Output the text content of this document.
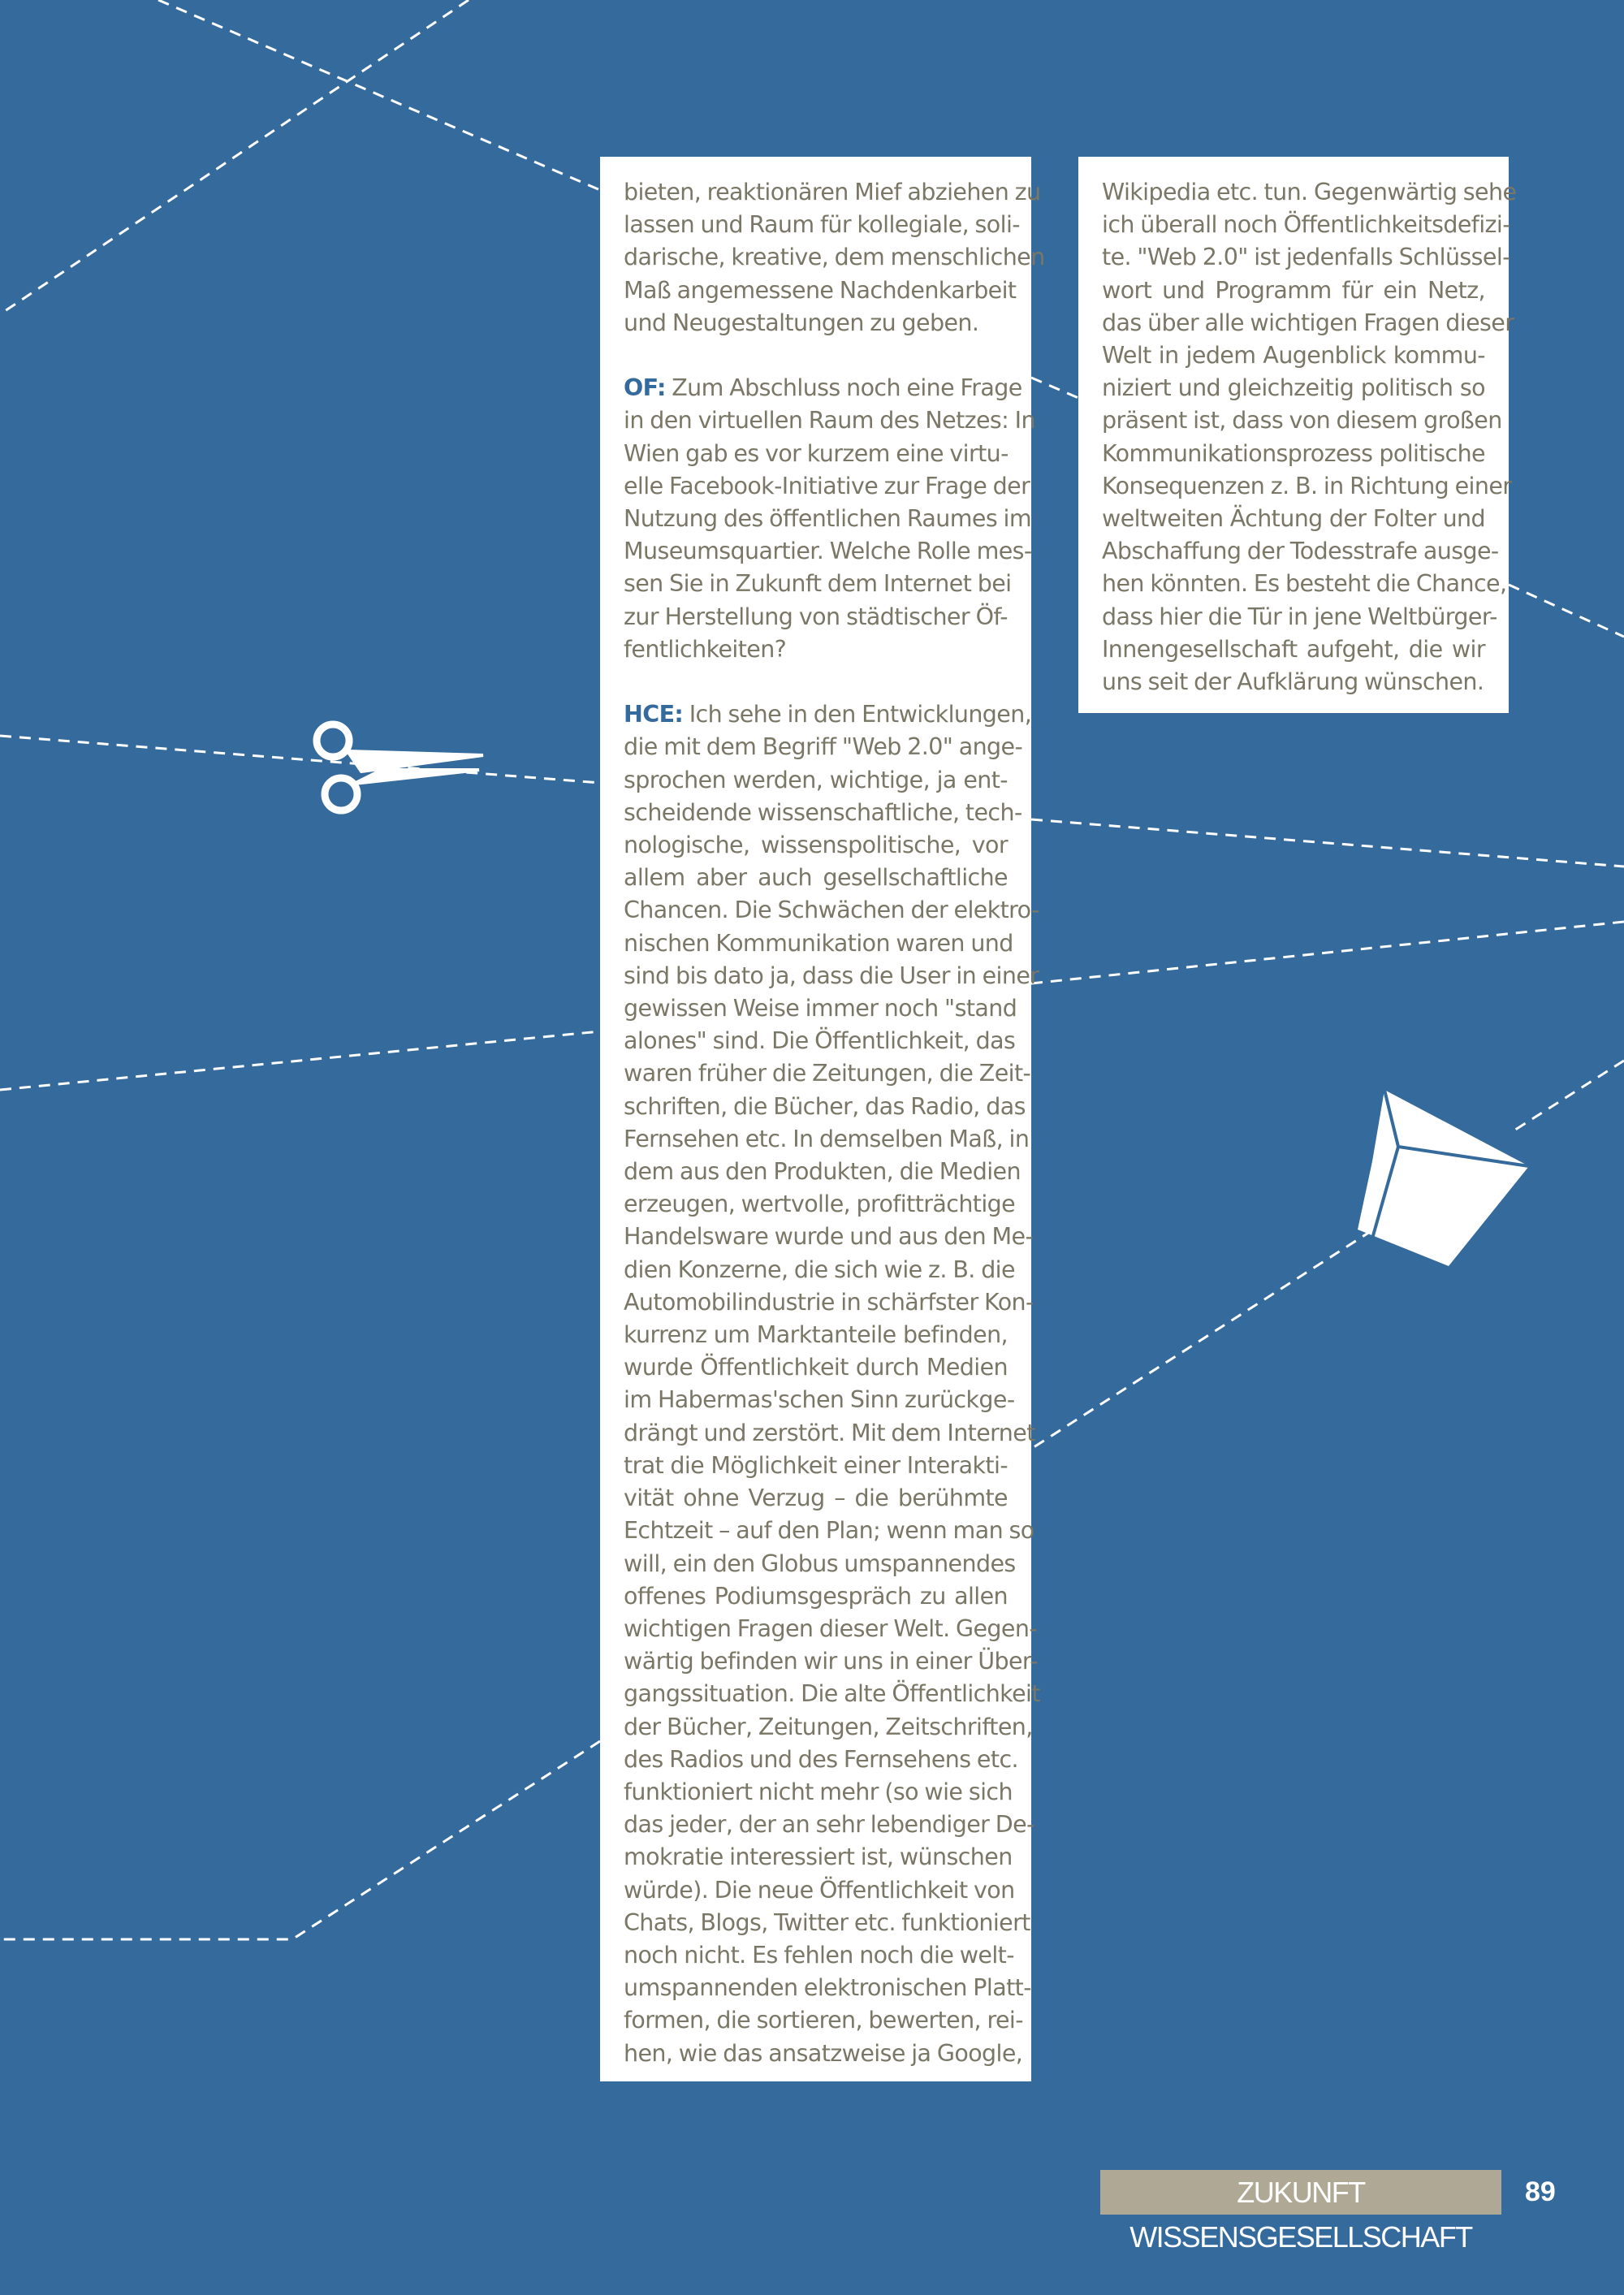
bieten, reaktionären Mief abziehen zu
lassen und Raum für kollegiale, soli-
darische, kreative, dem menschlichen
Maß angemessene Nachdenkarbeit
und Neugestaltungen zu geben.
OF: Zum Abschluss noch eine Frage
in den virtuellen Raum des Netzes: In
Wien gab es vor kurzem eine virtu-
elle Facebook-Initiative zur Frage der
Nutzung des öffentlichen Raumes im
Museumsquartier. Welche Rolle mes-
sen Sie in Zukunft dem Internet bei
zur Herstellung von städtischer Öf-
fentlichkeiten?
HCE: Ich sehe in den Entwicklungen,
die mit dem Begriff "Web 2.0" ange-
sprochen werden, wichtige, ja ent-
scheidende wissenschaftliche, tech-
nologische, wissenspolitische, vor
allem aber auch gesellschaftliche
Chancen. Die Schwächen der elektro-
nischen Kommunikation waren und
sind bis dato ja, dass die User in einer
gewissen Weise immer noch "stand
alones" sind. Die Öffentlichkeit, das
waren früher die Zeitungen, die Zeit-
schriften, die Bücher, das Radio, das
Fernsehen etc. In demselben Maß, in
dem aus den Produkten, die Medien
erzeugen, wertvolle, profitträchtige
Handelsware wurde und aus den Me-
dien Konzerne, die sich wie z. B. die
Automobilindustrie in schärfster Kon-
kurrenz um Marktanteile befinden,
wurde Öffentlichkeit durch Medien
im Habermas'schen Sinn zurückge-
drängt und zerstört. Mit dem Internet
trat die Möglichkeit einer Interakti-
vität ohne Verzug – die berühmte
Echtzeit – auf den Plan; wenn man so
will, ein den Globus umspannendes
offenes Podiumsgespräch zu allen
wichtigen Fragen dieser Welt. Gegen-
wärtig befinden wir uns in einer Über-
gangssituation. Die alte Öffentlichkeit
der Bücher, Zeitungen, Zeitschriften,
des Radios und des Fernsehens etc.
funktioniert nicht mehr (so wie sich
das jeder, der an sehr lebendiger De-
mokratie interessiert ist, wünschen
würde). Die neue Öffentlichkeit von
Chats, Blogs, Twitter etc. funktioniert
noch nicht. Es fehlen noch die welt-
umspannenden elektronischen Platt-
formen, die sortieren, bewerten, rei-
hen, wie das ansatzweise ja Google,
Wikipedia etc. tun. Gegenwärtig sehe
ich überall noch Öffentlichkeitsdefizi-
te. "Web 2.0" ist jedenfalls Schlüssel-
wort und Programm für ein Netz,
das über alle wichtigen Fragen dieser
Welt in jedem Augenblick kommu-
niziert und gleichzeitig politisch so
präsent ist, dass von diesem großen
Kommunikationsprozess politische
Konsequenzen z. B. in Richtung einer
weltweiten Ächtung der Folter und
Abschaffung der Todesstrafe ausge-
hen könnten. Es besteht die Chance,
dass hier die Tür in jene Weltbürger-
Innengesellschaft aufgeht, die wir
uns seit der Aufklärung wünschen.
ZUKUNFT WISSENSGESELLSCHAFT
89
